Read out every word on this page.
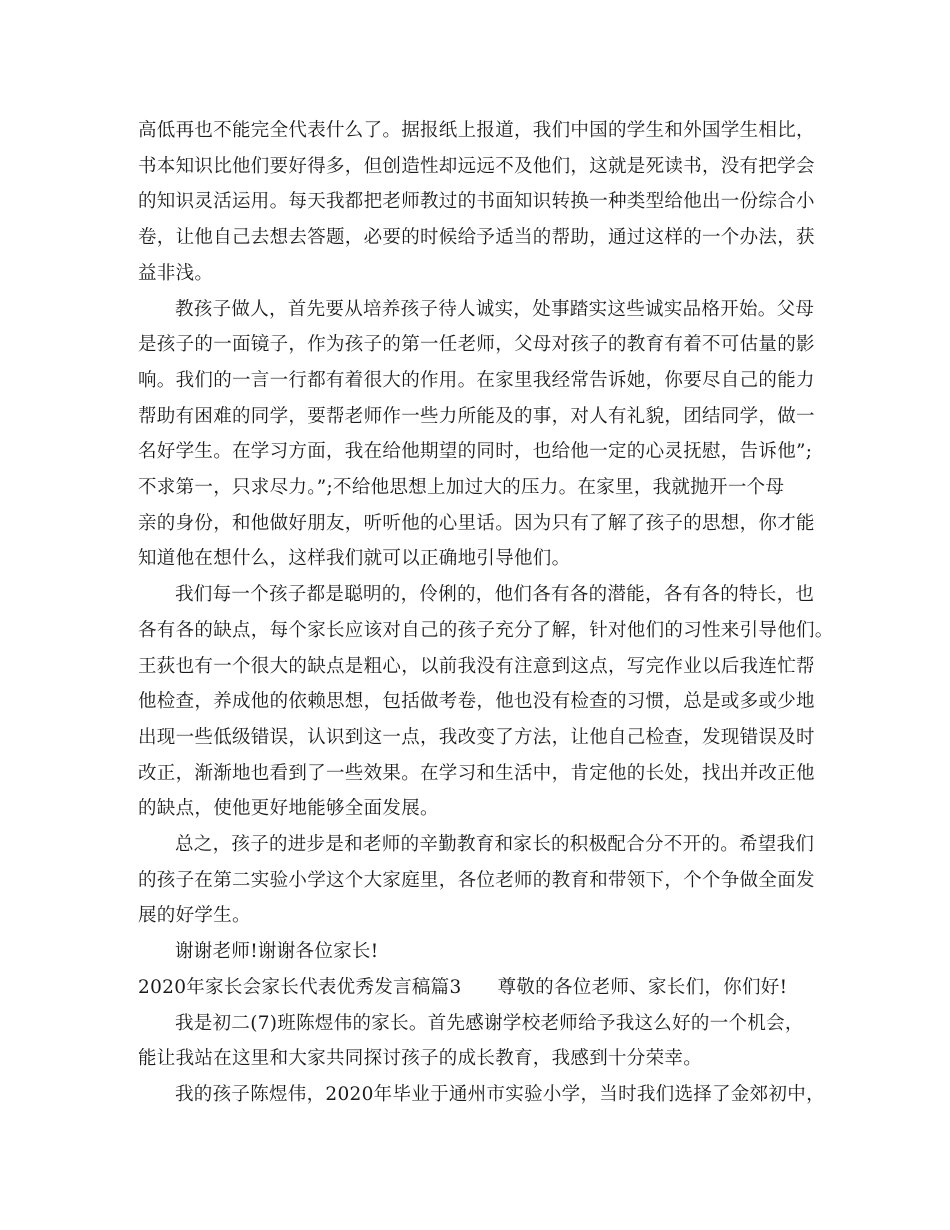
高低再也不能完全代表什么了。据报纸上报道，我们中国的学生和外国学生相比，
书本知识比他们要好得多，但创造性却远远不及他们，这就是死读书，没有把学会
的知识灵活运用。每天我都把老师教过的书面知识转换一种类型给他出一份综合小
卷，让他自己去想去答题，必要的时候给予适当的帮助，通过这样的一个办法，获
益非浅。

教孩子做人，首先要从培养孩子待人诚实，处事踏实这些诚实品格开始。父母
是孩子的一面镜子，作为孩子的第一任老师，父母对孩子的教育有着不可估量的影
响。我们的一言一行都有着很大的作用。在家里我经常告诉她，你要尽自己的能力
帮助有困难的同学，要帮老师作一些力所能及的事，对人有礼貌，团结同学，做一
名好学生。在学习方面，我在给他期望的同时，也给他一定的心灵抚慰，告诉他”;
不求第一，只求尽力。”;不给他思想上加过大的压力。在家里，我就抛开一个母
亲的身份，和他做好朋友，听听他的心里话。因为只有了解了孩子的思想，你才能
知道他在想什么，这样我们就可以正确地引导他们。

我们每一个孩子都是聪明的，伶俐的，他们各有各的潜能，各有各的特长，也
各有各的缺点，每个家长应该对自己的孩子充分了解，针对他们的习性来引导他们。
王荻也有一个很大的缺点是粗心，以前我没有注意到这点，写完作业以后我连忙帮
他检查，养成他的依赖思想，包括做考卷，他也没有检查的习惯，总是或多或少地
出现一些低级错误，认识到这一点，我改变了方法，让他自己检查，发现错误及时
改正，渐渐地也看到了一些效果。在学习和生活中，肯定他的长处，找出并改正他
的缺点，使他更好地能够全面发展。

总之，孩子的进步是和老师的辛勤教育和家长的积极配合分不开的。希望我们
的孩子在第二实验小学这个大家庭里，各位老师的教育和带领下，个个争做全面发
展的好学生。

谢谢老师!谢谢各位家长!

2020年家长会家长代表优秀发言稿篇3 尊敬的各位老师、家长们，你们好!

我是初二(7)班陈煜伟的家长。首先感谢学校老师给予我这么好的一个机会，
能让我站在这里和大家共同探讨孩子的成长教育，我感到十分荣幸。

我的孩子陈煜伟，2020年毕业于通州市实验小学，当时我们选择了金郊初中，
